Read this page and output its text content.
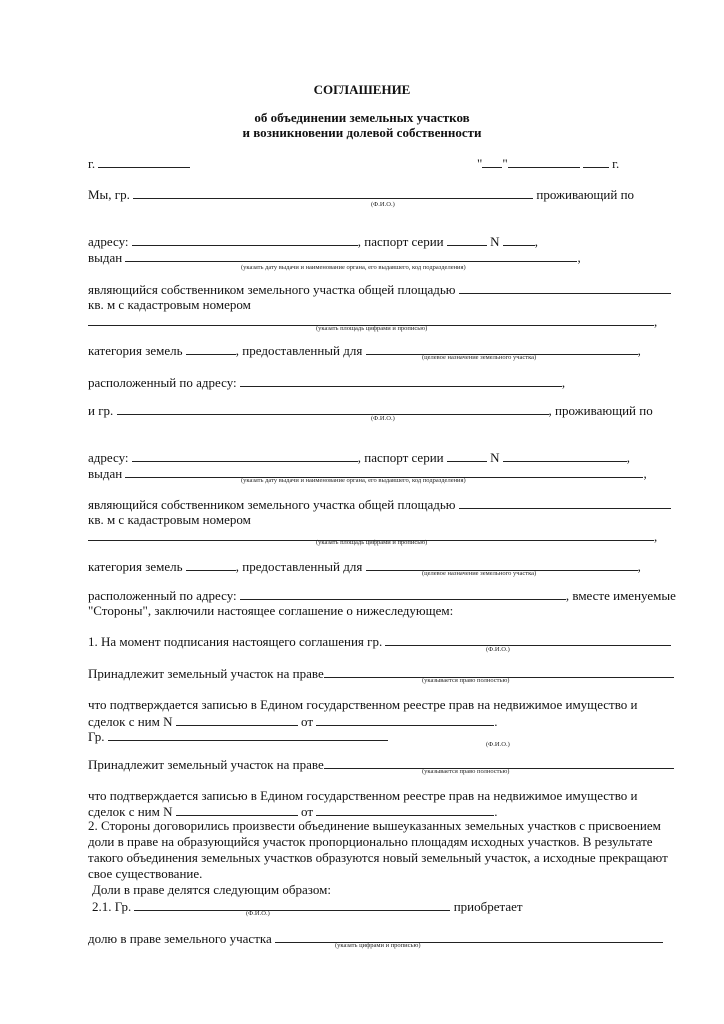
СОГЛАШЕНИЕ
об объединении земельных участков
и возникновении долевой собственности
г.	" "	г.
Мы, гр.	проживающий по
(Ф.И.О.)
адресу:	, паспорт серии	N	,
выдан	,
(указать дату выдачи и наименование органа, его выдавшего, код подразделения)
являющийся собственником земельного участка общей площадью
кв. м с кадастровым номером
,
(указать площадь цифрами и прописью)
категория земель	, предоставленный для	,
(целевое назначение земельного участка)
расположенный по адресу:	,
и гр.	, проживающий по
(Ф.И.О.)
адресу:	, паспорт серии	N	,
выдан	,
(указать дату выдачи и наименование органа, его выдавшего, код подразделения)
являющийся собственником земельного участка общей площадью
кв. м с кадастровым номером
,
(указать площадь цифрами и прописью)
категория земель	, предоставленный для	,
(целевое назначение земельного участка)
расположенный по адресу:	, вместе именуемые
"Стороны", заключили настоящее соглашение о нижеследующем:
1. На момент подписания настоящего соглашения гр.
(Ф.И.О.)
Принадлежит земельный участок на праве	(указывается право полностью)
что подтверждается записью в Едином государственном реестре прав на недвижимое имущество и
сделок с ним N	от	.
Гр.
(Ф.И.О.)
Принадлежит земельный участок на праве	(указывается право полностью)
что подтверждается записью в Едином государственном реестре прав на недвижимое имущество и
сделок с ним N	от	.
2. Стороны договорились произвести объединение вышеуказанных земельных участков с присвоением
доли в праве на образующийся участок пропорционально площадям исходных участков. В результате
такого объединения земельных участков образуются новый земельный участок, а исходные прекращают
свое существование.
Доли в праве делятся следующим образом:
2.1. Гр.	приобретает
(Ф.И.О.)
долю в праве земельного участка	(указать цифрами и прописью)
